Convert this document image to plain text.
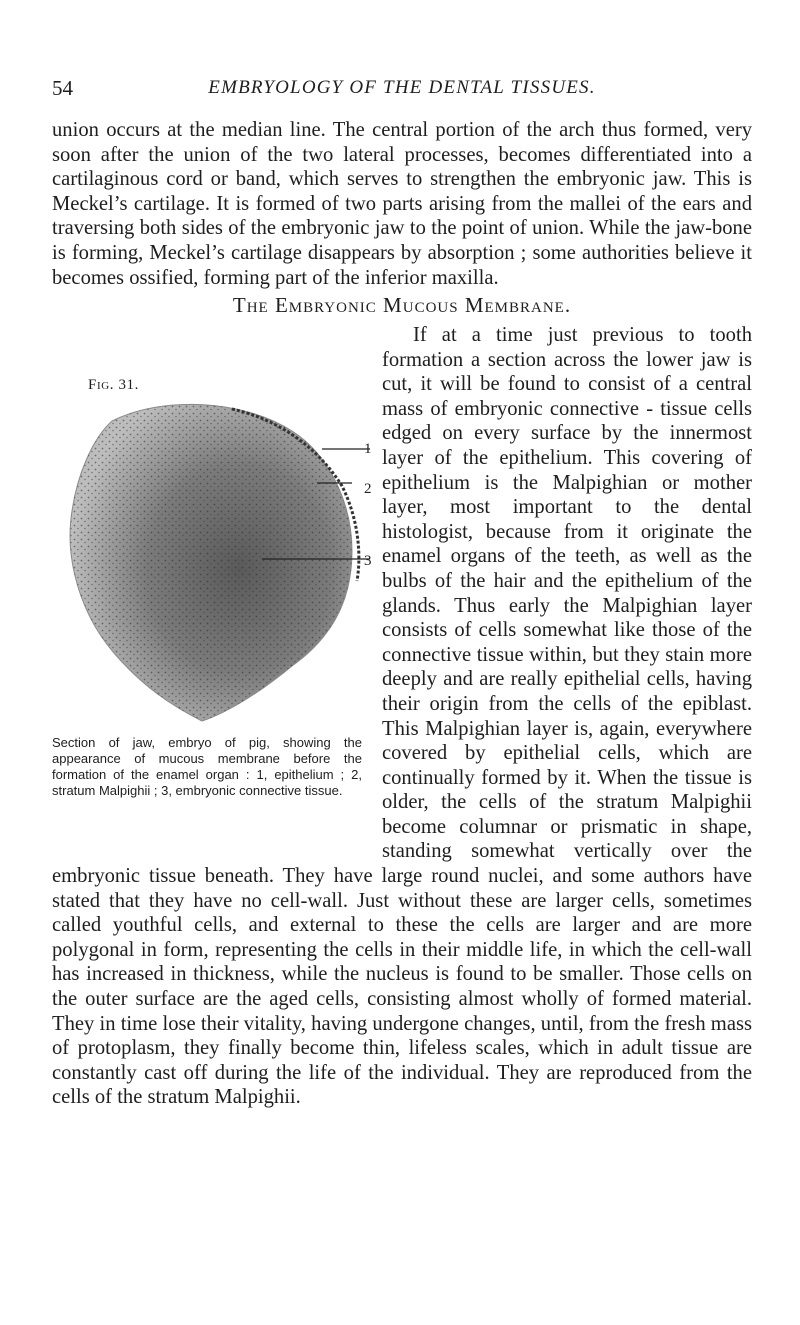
54	EMBRYOLOGY OF THE DENTAL TISSUES.

union occurs at the median line. The central portion of the arch thus formed, very soon after the union of the two lateral processes, becomes differentiated into a cartilaginous cord or band, which serves to strengthen the embryonic jaw. This is Meckel’s cartilage. It is formed of two parts arising from the mallei of the ears and traversing both sides of the embryonic jaw to the point of union. While the jaw-bone is forming, Meckel’s cartilage disappears by absorption ; some authorities believe it becomes ossified, forming part of the inferior maxilla.

The Embryonic Mucous Membrane.
Fig. 31.
2
1
3
Section of jaw, embryo of pig, showing the appearance of mucous membrane before the formation of the enamel organ : 1, epithelium ; 2, stratum Malpighii ; 3, embryonic connective tissue.

If at a time just previous to tooth formation a section across the lower jaw is cut, it will be found to consist of a central mass of embryonic connective - tissue cells edged on every surface by the innermost layer of the epithelium. This covering of epithelium is the Malpighian or mother layer, most important to the dental histologist, because from it originate the enamel organs of the teeth, as well as the bulbs of the hair and the epithelium of the glands. Thus early the Malpighian layer consists of cells somewhat like those of the connective tissue within, but they stain more deeply and are really epithelial cells, having their origin from the cells of the epiblast. This Malpighian layer is, again, everywhere covered by epithelial cells, which are continually formed by it. When the tissue is older, the cells of the stratum Malpighii become columnar or prismatic in shape, standing somewhat vertically over the embryonic tissue beneath. They have large round nuclei, and some authors have stated that they have no cell-wall. Just without these are larger cells, sometimes called youthful cells, and external to these the cells are larger and are more polygonal in form, representing the cells in their middle life, in which the cell-wall has increased in thickness, while the nucleus is found to be smaller. Those cells on the outer surface are the aged cells, consisting almost wholly of formed material. They in time lose their vitality, having undergone changes, until, from the fresh mass of protoplasm, they finally become thin, lifeless scales, which in adult tissue are constantly cast off during the life of the individual. They are reproduced from the cells of the stratum Malpighii.
